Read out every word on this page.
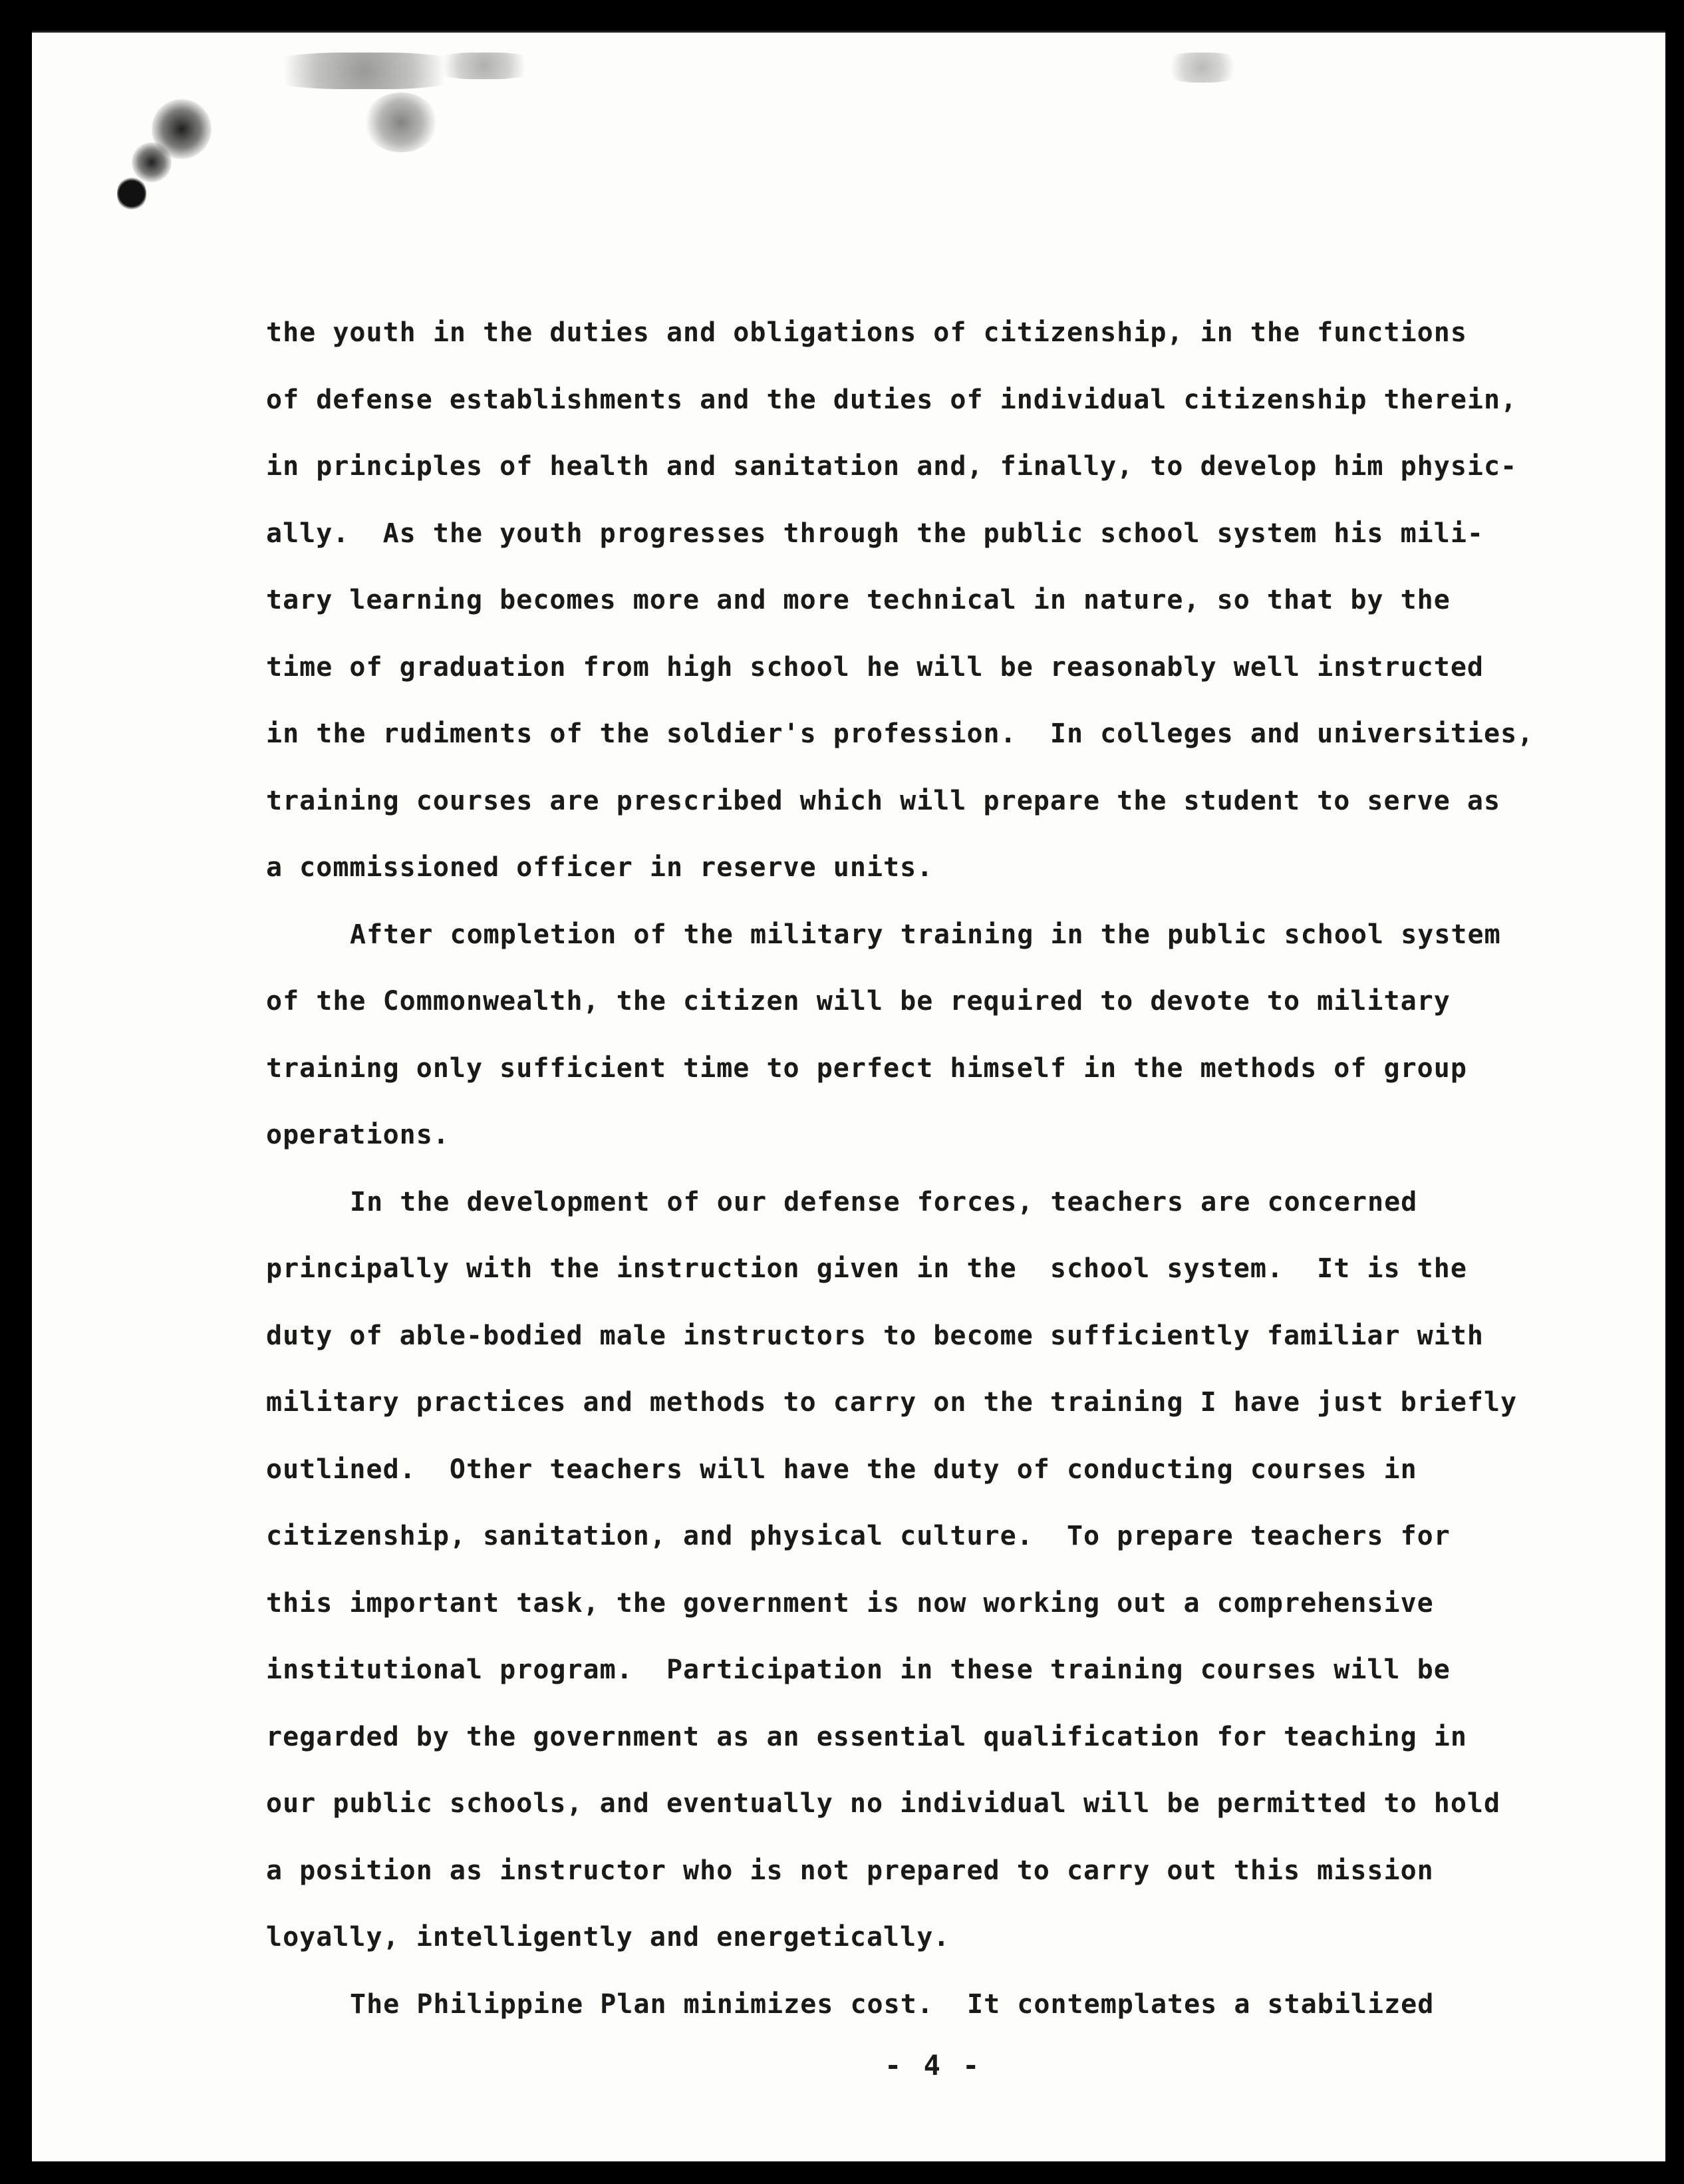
the youth in the duties and obligations of citizenship, in the functions
of defense establishments and the duties of individual citizenship therein,
in principles of health and sanitation and, finally, to develop him physic-
ally.  As the youth progresses through the public school system his mili-
tary learning becomes more and more technical in nature, so that by the
time of graduation from high school he will be reasonably well instructed
in the rudiments of the soldier's profession.  In colleges and universities,
training courses are prescribed which will prepare the student to serve as
a commissioned officer in reserve units.
After completion of the military training in the public school system
of the Commonwealth, the citizen will be required to devote to military
training only sufficient time to perfect himself in the methods of group
operations.
In the development of our defense forces, teachers are concerned
principally with the instruction given in the  school system.  It is the
duty of able-bodied male instructors to become sufficiently familiar with
military practices and methods to carry on the training I have just briefly
outlined.  Other teachers will have the duty of conducting courses in
citizenship, sanitation, and physical culture.  To prepare teachers for
this important task, the government is now working out a comprehensive
institutional program.  Participation in these training courses will be
regarded by the government as an essential qualification for teaching in
our public schools, and eventually no individual will be permitted to hold
a position as instructor who is not prepared to carry out this mission
loyally, intelligently and energetically.
The Philippine Plan minimizes cost.  It contemplates a stabilized
- 4 -
